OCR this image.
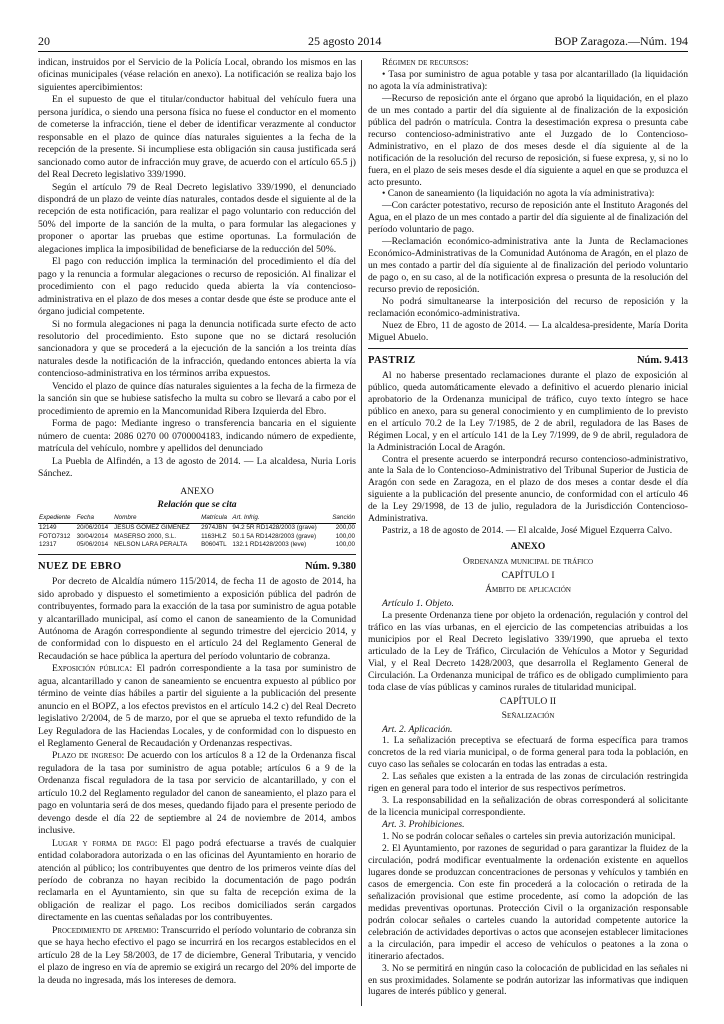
20	25 agosto 2014	BOP Zaragoza.—Núm. 194

indican, instruidos por el Servicio de la Policía Local, obrando los mismos en las oficinas municipales (véase relación en anexo). La notificación se realiza bajo los siguientes apercibimientos:

En el supuesto de que el titular/conductor habitual del vehículo fuera una persona jurídica, o siendo una persona física no fuese el conductor en el momento de cometerse la infracción, tiene el deber de identificar verazmente al conductor responsable en el plazo de quince días naturales siguientes a la fecha de la recepción de la presente. Si incumpliese esta obligación sin causa justificada será sancionado como autor de infracción muy grave, de acuerdo con el artículo 65.5 j) del Real Decreto legislativo 339/1990.

Según el artículo 79 de Real Decreto legislativo 339/1990, el denunciado dispondrá de un plazo de veinte días naturales, contados desde el siguiente al de la recepción de esta notificación, para realizar el pago voluntario con reducción del 50% del importe de la sanción de la multa, o para formular las alegaciones y proponer o aportar las pruebas que estime oportunas. La formulación de alegaciones implica la imposibilidad de beneficiarse de la reducción del 50%.

El pago con reducción implica la terminación del procedimiento el día del pago y la renuncia a formular alegaciones o recurso de reposición. Al finalizar el procedimiento con el pago reducido queda abierta la vía contencioso-administrativa en el plazo de dos meses a contar desde que éste se produce ante el órgano judicial competente.

Si no formula alegaciones ni paga la denuncia notificada surte efecto de acto resolutorio del procedimiento. Esto supone que no se dictará resolución sancionadora y que se procederá a la ejecución de la sanción a los treinta días naturales desde la notificación de la infracción, quedando entonces abierta la vía contencioso-administrativa en los términos arriba expuestos.

Vencido el plazo de quince días naturales siguientes a la fecha de la firmeza de la sanción sin que se hubiese satisfecho la multa su cobro se llevará a cabo por el procedimiento de apremio en la Mancomunidad Ribera Izquierda del Ebro.

Forma de pago: Mediante ingreso o transferencia bancaria en el siguiente número de cuenta: 2086 0270 00 0700004183, indicando número de expediente, matrícula del vehículo, nombre y apellidos del denunciado

La Puebla de Alfindén, a 13 de agosto de 2014. — La alcaldesa, Nuria Loris Sánchez.

ANEXO
Relación que se cita
Expediente	Fecha	Nombre	Matrícula	Art. Infrig.	Sanción
12149	20/06/2014	JESÚS GÓMEZ GIMENEZ	2974JBN	94.2 5R RD1428/2003 (grave)	200,00
FOTO7312	30/04/2014	MASERSO 2000, S.L.	1163HLZ	50.1 5A RD1428/2003 (grave)	100,00
12317	05/06/2014	NELSON LARA PERALTA	B0604TL	132.1 RD1428/2003 (leve)	100,00
NUEZ DE EBRO	Núm. 9.380

Por decreto de Alcaldía número 115/2014, de fecha 11 de agosto de 2014, ha sido aprobado y dispuesto el sometimiento a exposición pública del padrón de contribuyentes, formado para la exacción de la tasa por suministro de agua potable y alcantarillado municipal, así como el canon de saneamiento de la Comunidad Autónoma de Aragón correspondiente al segundo trimestre del ejercicio 2014, y de conformidad con lo dispuesto en el artículo 24 del Reglamento General de Recaudación se hace pública la apertura del período voluntario de cobranza.

Exposición pública: El padrón correspondiente a la tasa por suministro de agua, alcantarillado y canon de saneamiento se encuentra expuesto al público por término de veinte días hábiles a partir del siguiente a la publicación del presente anuncio en el BOPZ, a los efectos previstos en el artículo 14.2 c) del Real Decreto legislativo 2/2004, de 5 de marzo, por el que se aprueba el texto refundido de la Ley Reguladora de las Haciendas Locales, y de conformidad con lo dispuesto en el Reglamento General de Recaudación y Ordenanzas respectivas.

Plazo de ingreso: De acuerdo con los artículos 8 a 12 de la Ordenanza fiscal reguladora de la tasa por suministro de agua potable; artículos 6 a 9 de la Ordenanza fiscal reguladora de la tasa por servicio de alcantarillado, y con el artículo 10.2 del Reglamento regulador del canon de saneamiento, el plazo para el pago en voluntaria será de dos meses, quedando fijado para el presente periodo de devengo desde el día 22 de septiembre al 24 de noviembre de 2014, ambos inclusive.

Lugar y forma de pago: El pago podrá efectuarse a través de cualquier entidad colaboradora autorizada o en las oficinas del Ayuntamiento en horario de atención al público; los contribuyentes que dentro de los primeros veinte días del período de cobranza no hayan recibido la documentación de pago podrán reclamarla en el Ayuntamiento, sin que su falta de recepción exima de la obligación de realizar el pago. Los recibos domiciliados serán cargados directamente en las cuentas señaladas por los contribuyentes.

Procedimiento de apremio: Transcurrido el período voluntario de cobranza sin que se haya hecho efectivo el pago se incurrirá en los recargos establecidos en el artículo 28 de la Ley 58/2003, de 17 de diciembre, General Tributaria, y vencido el plazo de ingreso en vía de apremio se exigirá un recargo del 20% del importe de la deuda no ingresada, más los intereses de demora.

Régimen de recursos:

• Tasa por suministro de agua potable y tasa por alcantarillado (la liquidación no agota la vía administrativa):

—Recurso de reposición ante el órgano que aprobó la liquidación, en el plazo de un mes contado a partir del día siguiente al de finalización de la exposición pública del padrón o matrícula. Contra la desestimación expresa o presunta cabe recurso contencioso-administrativo ante el Juzgado de lo Contencioso-Administrativo, en el plazo de dos meses desde el día siguiente al de la notificación de la resolución del recurso de reposición, si fuese expresa, y, si no lo fuera, en el plazo de seis meses desde el día siguiente a aquel en que se produzca el acto presunto.

• Canon de saneamiento (la liquidación no agota la vía administrativa):

—Con carácter potestativo, recurso de reposición ante el Instituto Aragonés del Agua, en el plazo de un mes contado a partir del día siguiente al de finalización del período voluntario de pago.

—Reclamación económico-administrativa ante la Junta de Reclamaciones Económico-Administrativas de la Comunidad Autónoma de Aragón, en el plazo de un mes contado a partir del día siguiente al de finalización del periodo voluntario de pago o, en su caso, al de la notificación expresa o presunta de la resolución del recurso previo de reposición.

No podrá simultanearse la interposición del recurso de reposición y la reclamación económico-administrativa.

Nuez de Ebro, 11 de agosto de 2014. — La alcaldesa-presidente, María Dorita Miguel Abuelo.

PASTRIZ	Núm. 9.413

Al no haberse presentado reclamaciones durante el plazo de exposición al público, queda automáticamente elevado a definitivo el acuerdo plenario inicial aprobatorio de la Ordenanza municipal de tráfico, cuyo texto íntegro se hace público en anexo, para su general conocimiento y en cumplimiento de lo previsto en el artículo 70.2 de la Ley 7/1985, de 2 de abril, reguladora de las Bases de Régimen Local, y en el artículo 141 de la Ley 7/1999, de 9 de abril, reguladora de la Administración Local de Aragón.

Contra el presente acuerdo se interpondrá recurso contencioso-administrativo, ante la Sala de lo Contencioso-Administrativo del Tribunal Superior de Justicia de Aragón con sede en Zaragoza, en el plazo de dos meses a contar desde el día siguiente a la publicación del presente anuncio, de conformidad con el artículo 46 de la Ley 29/1998, de 13 de julio, reguladora de la Jurisdicción Contencioso-Administrativa.

Pastriz, a 18 de agosto de 2014. — El alcalde, José Miguel Ezquerra Calvo.

ANEXO
Ordenanza municipal de tráfico
CAPÍTULO I
Ámbito de aplicación

Artículo 1. Objeto.

La presente Ordenanza tiene por objeto la ordenación, regulación y control del tráfico en las vías urbanas, en el ejercicio de las competencias atribuidas a los municipios por el Real Decreto legislativo 339/1990, que aprueba el texto articulado de la Ley de Tráfico, Circulación de Vehículos a Motor y Seguridad Vial, y el Real Decreto 1428/2003, que desarrolla el Reglamento General de Circulación. La Ordenanza municipal de tráfico es de obligado cumplimiento para toda clase de vías públicas y caminos rurales de titularidad municipal.

CAPÍTULO II
Señalización

Art. 2. Aplicación.

1. La señalización preceptiva se efectuará de forma específica para tramos concretos de la red viaria municipal, o de forma general para toda la población, en cuyo caso las señales se colocarán en todas las entradas a esta.

2. Las señales que existen a la entrada de las zonas de circulación restringida rigen en general para todo el interior de sus respectivos perímetros.

3. La responsabilidad en la señalización de obras corresponderá al solicitante de la licencia municipal correspondiente.

Art. 3. Prohibiciones.

1. No se podrán colocar señales o carteles sin previa autorización municipal.

2. El Ayuntamiento, por razones de seguridad o para garantizar la fluidez de la circulación, podrá modificar eventualmente la ordenación existente en aquellos lugares donde se produzcan concentraciones de personas y vehículos y también en casos de emergencia. Con este fin procederá a la colocación o retirada de la señalización provisional que estime procedente, así como la adopción de las medidas preventivas oportunas. Protección Civil o la organización responsable podrán colocar señales o carteles cuando la autoridad competente autorice la celebración de actividades deportivas o actos que aconsejen establecer limitaciones a la circulación, para impedir el acceso de vehículos o peatones a la zona o itinerario afectados.

3. No se permitirá en ningún caso la colocación de publicidad en las señales ni en sus proximidades. Solamente se podrán autorizar las informativas que indiquen lugares de interés público y general.
